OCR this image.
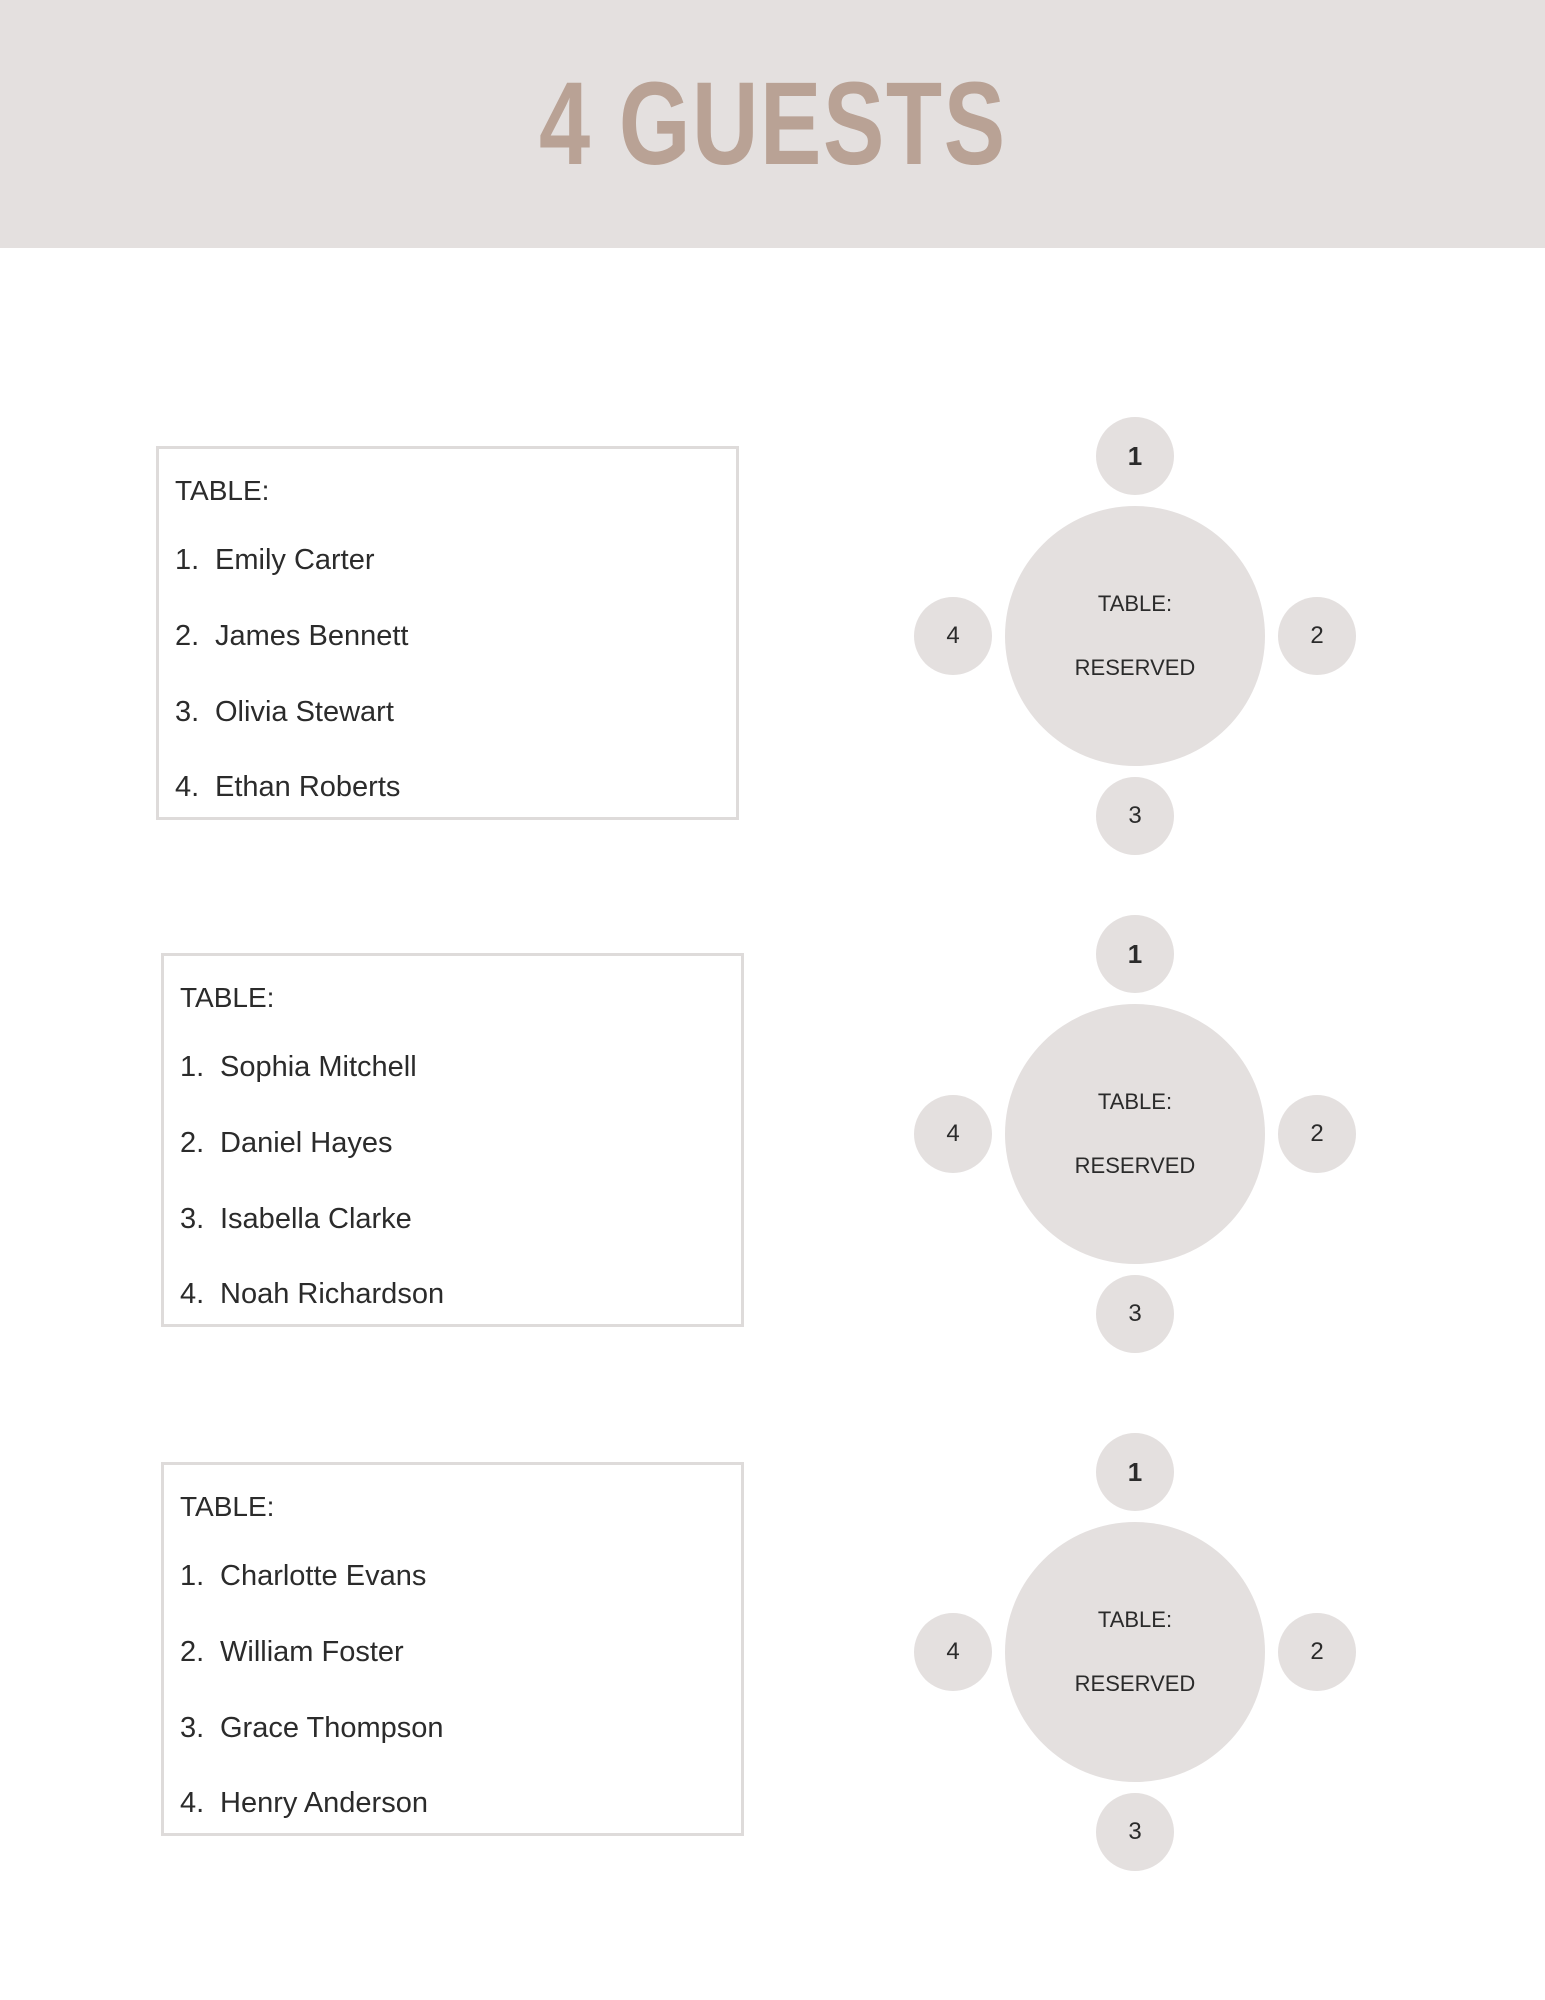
4 GUESTS
TABLE:
1. Emily Carter
2. James Bennett
3. Olivia Stewart
4. Ethan Roberts
1
2
3
4
TABLE:
RESERVED
TABLE:
1. Sophia Mitchell
2. Daniel Hayes
3. Isabella Clarke
4. Noah Richardson
1
2
3
4
TABLE:
RESERVED
TABLE:
1. Charlotte Evans
2. William Foster
3. Grace Thompson
4. Henry Anderson
1
2
3
4
TABLE:
RESERVED
